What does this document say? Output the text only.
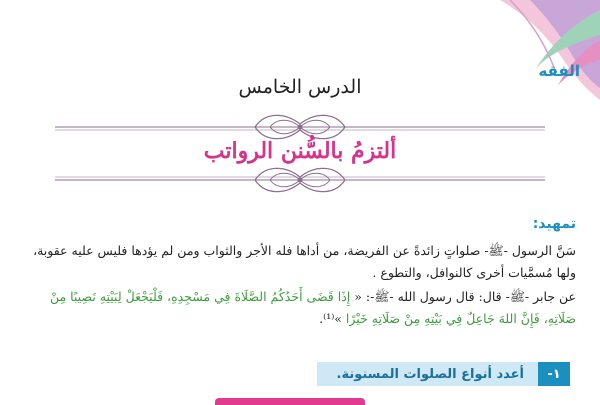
الفقه
الدرس الخامس
ألتزمُ بالسُّنن الرواتب
تمهيد:
سَنَّ الرسول -ﷺ- صلواتٍ زائدةً عن الفريضة، من أداها فله الأجر والثواب ومن لم يؤدها فليس عليه عقوبة، ولها مُسمَّيات أخرى كالنوافل، والتطوع .
عن جابر -ﷺ- قال: قال رسول الله -ﷺ-: « إِذَا قَضَى أَحَدُكُمُ الصَّلَاةَ فِي مَسْجِدِهِ، فَلْيَجْعَلْ لِبَيْتِهِ نَصِيبًا مِنْ صَلَاتِهِ، فَإِنَّ اللهَ جَاعِلٌ فِي بَيْتِهِ مِنْ صَلَاتِهِ خَيْرًا »⁽¹⁾.
١-
أعدد أنواع الصلوات المسنونة.
